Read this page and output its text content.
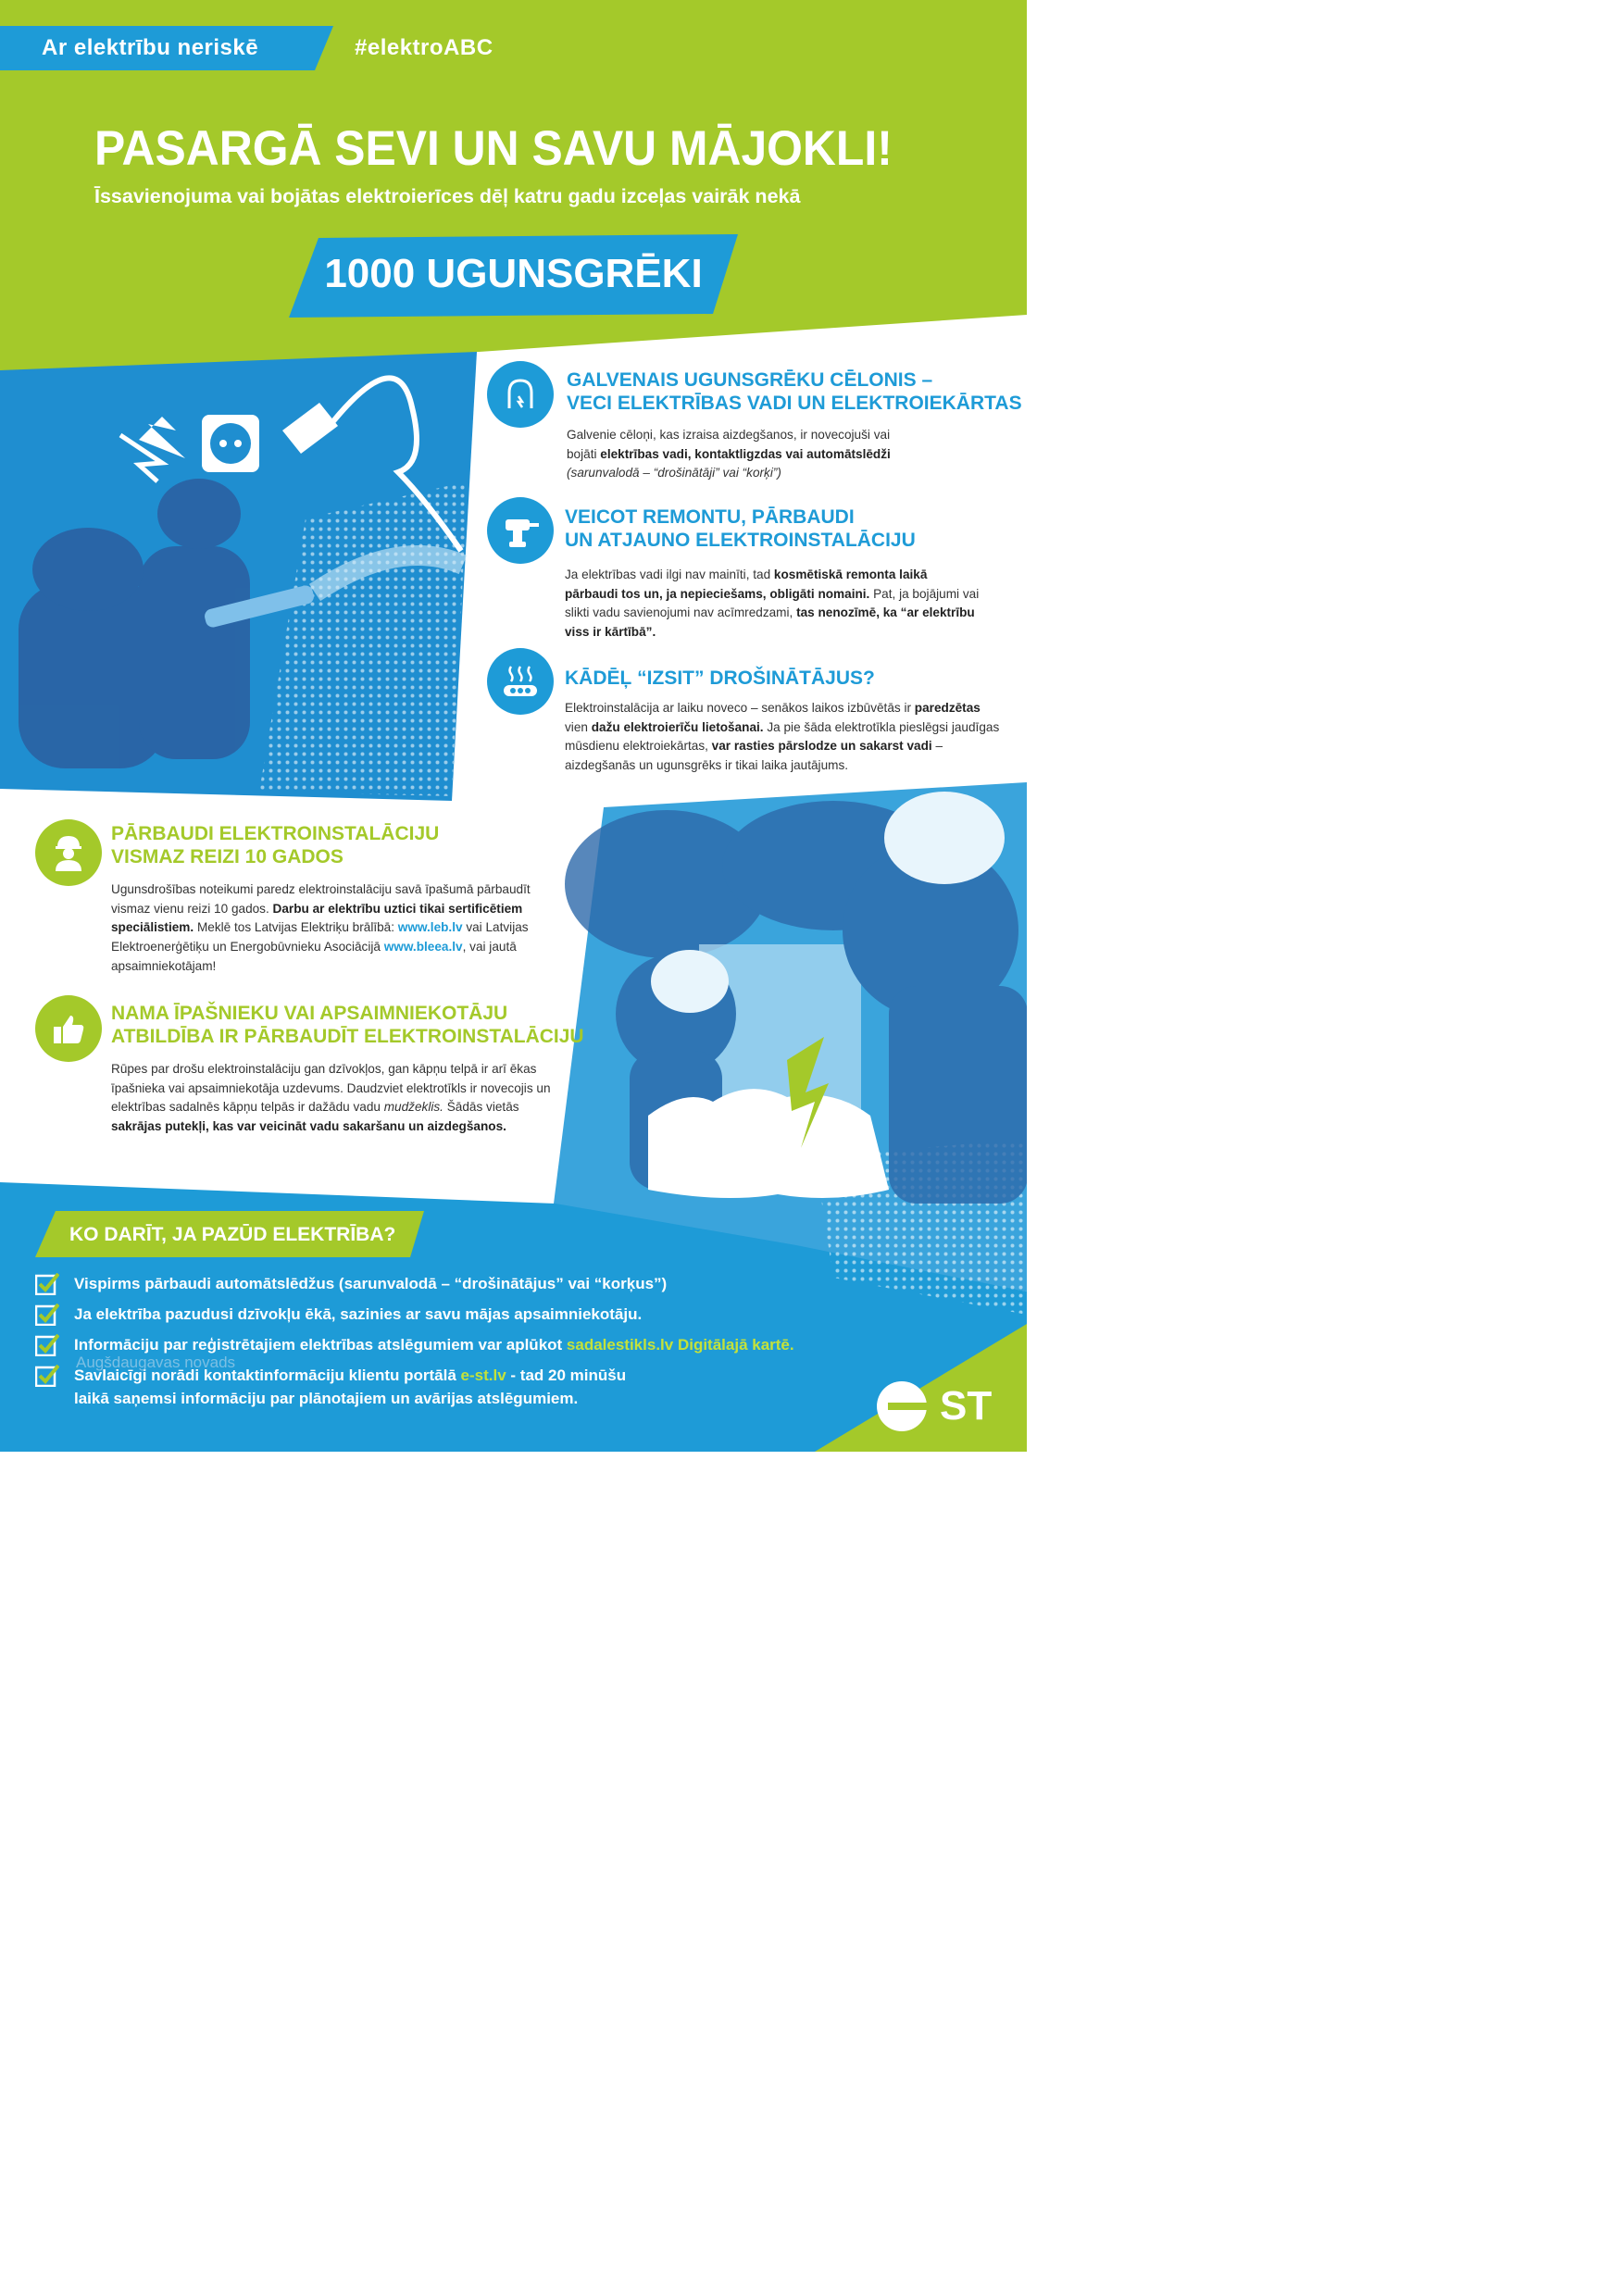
Ar elektrību neriskē	#elektroABC
PASARGĀ SEVI UN SAVU MĀJOKLI!
Īssavienojuma vai bojātas elektroierīces dēļ katru gadu izceļas vairāk nekā
1000 UGUNSGRĒKI
GALVENAIS UGUNSGRĒKU CĒLONIS –
VECI ELEKTRĪBAS VADI UN ELEKTROIEKĀRTAS
Galvenie cēloņi, kas izraisa aizdegšanos, ir novecojuši vai bojāti elektrības vadi, kontaktligzdas vai automātslēdži (sarunvalodā – “drošinātāji” vai “korķi”)
VEICOT REMONTU, PĀRBAUDI
UN ATJAUNO ELEKTROINSTALĀCIJU
Ja elektrības vadi ilgi nav mainīti, tad kosmētiskā remonta laikā pārbaudi tos un, ja nepieciešams, obligāti nomaini. Pat, ja bojājumi vai slikti vadu savienojumi nav acīmredzami, tas nenozīmē, ka “ar elektrību viss ir kārtībā”.
KĀDĒĻ “IZSIT” DROŠINĀTĀJUS?
Elektroinstalācija ar laiku noveco – senākos laikos izbūvētās ir paredzētas vien dažu elektroierīču lietošanai. Ja pie šāda elektrotīkla pieslēgsi jaudīgas mūsdienu elektroiekārtas, var rasties pārslodze un sakarst vadi – aizdegšanās un ugunsgrēks ir tikai laika jautājums.
PĀRBAUDI ELEKTROINSTALĀCIJU
VISMAZ REIZI 10 GADOS
Ugunsdrošības noteikumi paredz elektroinstalāciju savā īpašumā pārbaudīt vismaz vienu reizi 10 gados. Darbu ar elektrību uztici tikai sertificētiem speciālistiem. Meklē tos Latvijas Elektriķu brālībā: www.leb.lv vai Latvijas Elektroenerģētiķu un Energobūvnieku Asociācijā www.bleea.lv, vai jautā apsaimniekotājam!
NAMA ĪPAŠNIEKU VAI APSAIMNIEKOTĀJU
ATBILDĪBA IR PĀRBAUDĪT ELEKTROINSTALĀCIJU
Rūpes par drošu elektroinstalāciju gan dzīvokļos, gan kāpņu telpā ir arī ēkas īpašnieka vai apsaimniekotāja uzdevums. Daudzviet elektrotīkls ir novecojis un elektrības sadalnēs kāpņu telpās ir dažādu vadu mudžeklis. Šādās vietās sakrājas putekļi, kas var veicināt vadu sakaršanu un aizdegšanos.
KO DARĪT, JA PAZŪD ELEKTRĪBA?
Vispirms pārbaudi automātslēdžus (sarunvalodā – “drošinātājus” vai “korķus”)
Ja elektrība pazudusi dzīvokļu ēkā, sazinies ar savu mājas apsaimniekotāju.
Informāciju par reģistrētajiem elektrības atslēgumiem var aplūkot sadalestikls.lv Digitālajā kartē.
Savlaicīgi norādi kontaktinformāciju klientu portālā e-st.lv - tad 20 minūšu laikā saņemsi informāciju par plānotajiem un avārijas atslēgumiem.
Augšdaugavas novads
ST
